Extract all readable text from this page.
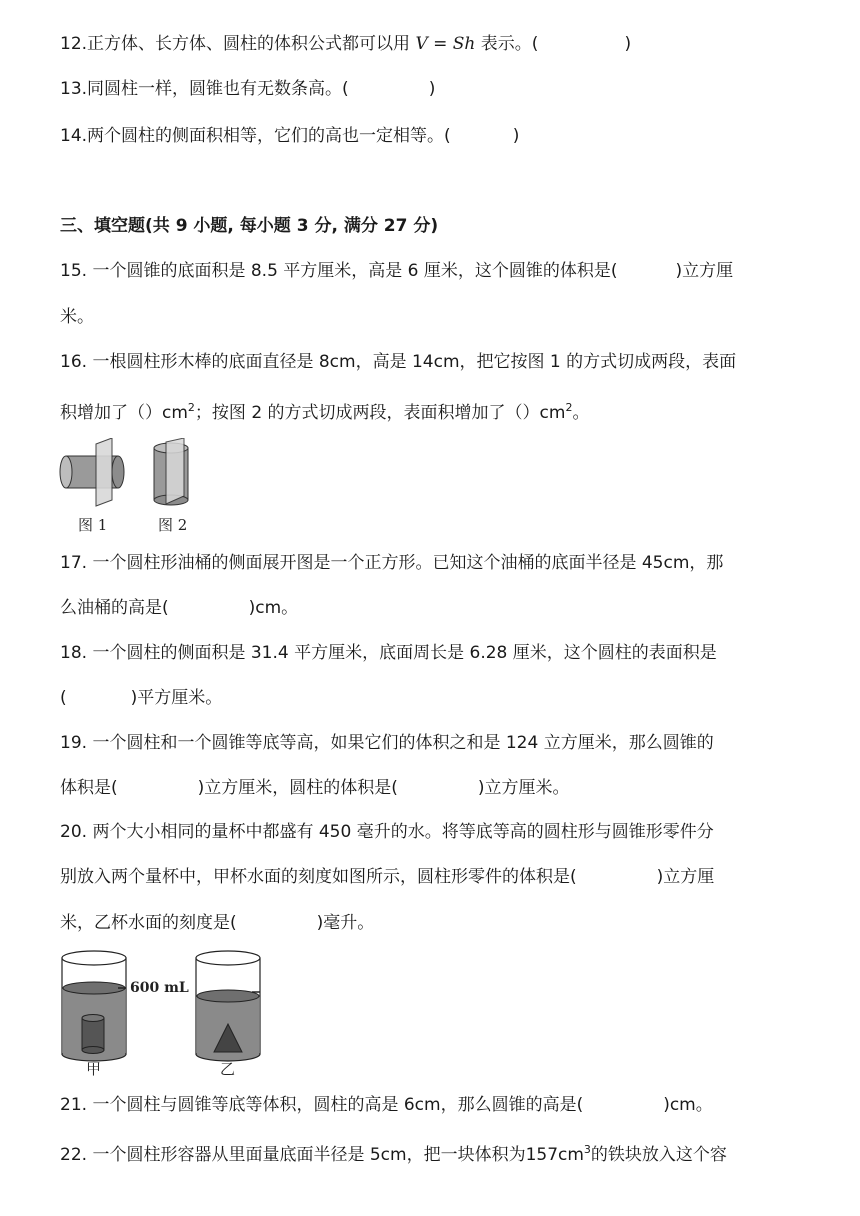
12.正方体、长方体、圆柱的体积公式都可以用 V = Sh 表示。(	)
13.同圆柱一样，圆锥也有无数条高。(	)
14.两个圆柱的侧面积相等，它们的高也一定相等。(	)
三、填空题(共 9 小题, 每小题 3 分, 满分 27 分)
15. 一个圆锥的底面积是 8.5 平方厘米，高是 6 厘米，这个圆锥的体积是(	)立方厘
米。
16. 一根圆柱形木棒的底面直径是 8cm，高是 14cm，把它按图 1 的方式切成两段，表面
积增加了$()cm^2$；按图 2 的方式切成两段，表面积增加了$()cm^2$。
图 1	图 2
17. 一个圆柱形油桶的侧面展开图是一个正方形。已知这个油桶的底面半径是 45cm，那
么油桶的高是(	)cm。
18. 一个圆柱的侧面积是 31.4 平方厘米，底面周长是 6.28 厘米，这个圆柱的表面积是
(	)平方厘米。
19. 一个圆柱和一个圆锥等底等高，如果它们的体积之和是 124 立方厘米，那么圆锥的
体积是(	)立方厘米，圆柱的体积是(	)立方厘米。
20. 两个大小相同的量杯中都盛有 450 毫升的水。将等底等高的圆柱形与圆锥形零件分
别放入两个量杯中，甲杯水面的刻度如图所示，圆柱形零件的体积是(	)立方厘
米，乙杯水面的刻度是(	)毫升。
600 mL
甲	乙
21. 一个圆柱与圆锥等底等体积，圆柱的高是 6cm，那么圆锥的高是(	)cm。
22. 一个圆柱形容器从里面量底面半径是 5cm，把一块体积为$157cm^3$的铁块放入这个容
